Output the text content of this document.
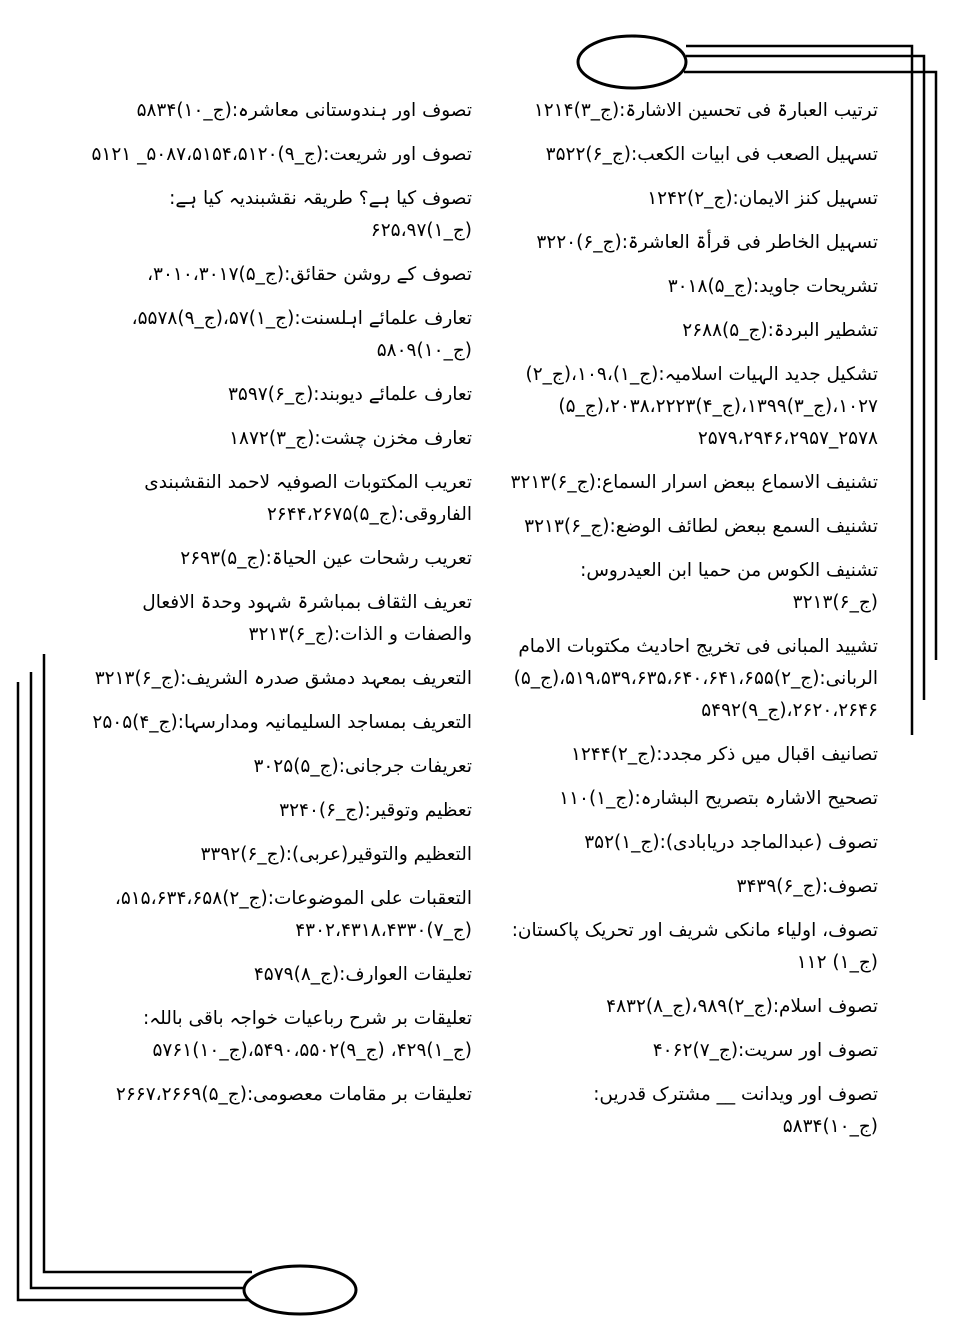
ترتیب العبارۃ فی تحسین الاشارۃ:(ج_۳)۱۲۱۴
تسہیل الصعب فی ابیات الکعب:(ج_۶)۳۵۲۲
تسہیل کنز الایمان:(ج_۲)۱۲۴۲
تسہیل الخاطر فی قرأۃ العاشرۃ:(ج_۶)۳۲۲۰
تشریحات جاوید:(ج_۵)۳۰۱۸
تشطیر البردۃ:(ج_۵)۲۶۸۸
تشکیل جدید الہیات اسلامیہ:(ج_۱)،۱۰۹،(ج_۲) ۱۰۲۷،(ج_۳)۱۳۹۹،(ج_۴)۲۰۳۸،۲۲۲۳،(ج_۵) ۲۵۷۸_۲۵۷۹،۲۹۴۶،۲۹۵۷
تشنیف الاسماع ببعض اسرار السماع:(ج_۶)۳۲۱۳
تشنیف السمع ببعض لطائف الوضع:(ج_۶)۳۲۱۳
تشنیف الکوس من حمیا ابن العیدروس:(ج_۶)۳۲۱۳
تشیید المبانی فی تخریج احادیث مکتوبات الامام الربانی:(ج_۲)۵۱۹،۵۳۹،۶۳۵،۶۴۰،۶۴۱،۶۵۵،(ج_۵) ۲۶۲۰،۲۶۴۶،(ج_۹)۵۴۹۲
تصانیف اقبال میں ذکر مجدد:(ج_۲)۱۲۴۴
تصحیح الاشارہ بتصریح البشارہ:(ج_۱)۱۱۰
تصوف (عبدالماجد دریابادی):(ج_۱)۳۵۲
تصوف:(ج_۶)۳۴۳۹
تصوف، اولیاء مانکی شریف اور تحریک پاکستان:(ج_۱) ۱۱۲
تصوف اسلام:(ج_۲)۹۸۹،(ج_۸)۴۸۳۲
تصوف اور سریت:(ج_۷)۴۰۶۲
تصوف اور ویدانت __ مشترک قدریں:(ج_۱۰)۵۸۳۴
تصوف اور ہندوستانی معاشرہ:(ج_۱۰)۵۸۳۴
تصوف اور شریعت:(ج_۹)۵۰۸۷،۵۱۵۴،۵۱۲۰_ ۵۱۲۱
تصوف کیا ہے؟ طریقہ نقشبندیہ کیا ہے:(ج_۱)۶۲۵،۹۷
تصوف کے روشن حقائق:(ج_۵)۳۰۱۰،۳۰۱۷،
تعارف علمائے اہلسنت:(ج_۱)۵۷،(ج_۹)۵۵۷۸، (ج_۱۰)۵۸۰۹
تعارف علمائے دیوبند:(ج_۶)۳۵۹۷
تعارف مخزن چشت:(ج_۳)۱۸۷۲
تعریب المکتوبات الصوفیہ لاحمد النقشبندی الفاروقی:(ج_۵)۲۶۴۴،۲۶۷۵
تعریب رشحات عین الحیاۃ:(ج_۵)۲۶۹۳
تعریف الثقاف بمباشرۃ شہود وحدۃ الافعال والصفات و الذات:(ج_۶)۳۲۱۳
التعریف بمعہد دمشق صدرہ الشریف:(ج_۶)۳۲۱۳
التعریف بمساجد السلیمانیہ ومدارسہا:(ج_۴)۲۵۰۵
تعریفات جرجانی:(ج_۵)۳۰۲۵
تعظیم وتوقیر:(ج_۶)۳۲۴۰
التعظیم والتوقیر(عربی):(ج_۶)۳۳۹۲
التعقبات علی الموضوعات:(ج_۲)۵۱۵،۶۳۴،۶۵۸، (ج_۷)۴۳۰۲،۴۳۱۸،۴۳۳۰
تعلیقات العوارف:(ج_۸)۴۵۷۹
تعلیقات بر شرح رباعیات خواجہ باقی باللہ:(ج_۱)۴۲۹، (ج_۹)۵۴۹۰،۵۵۰۲،(ج_۱۰)۵۷۶۱
تعلیقات بر مقامات معصومی:(ج_۵)۲۶۶۷،۲۶۶۹
